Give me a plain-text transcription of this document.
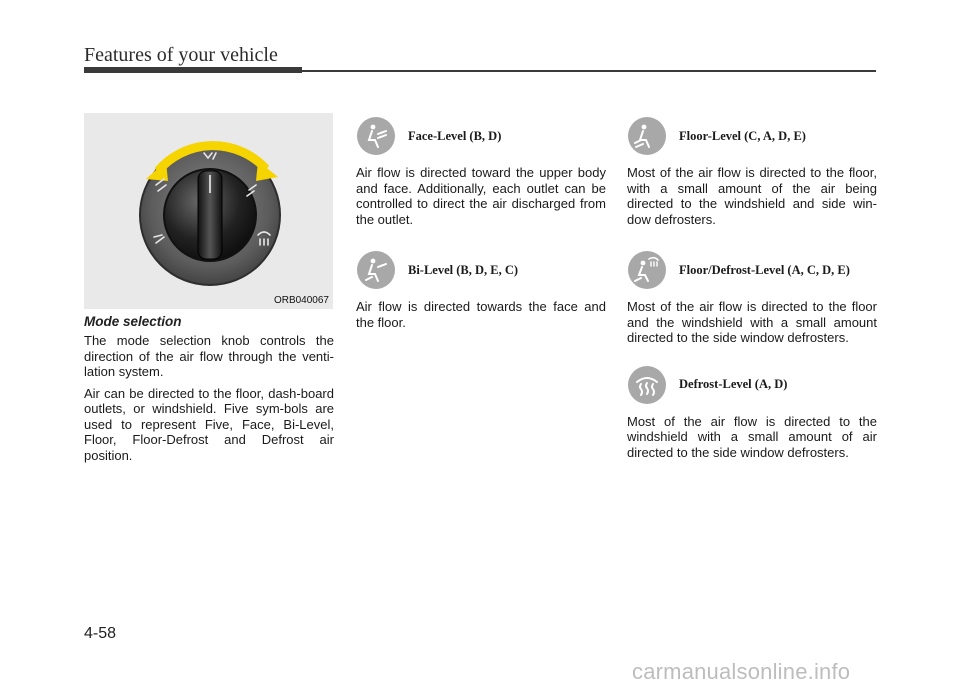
Features of your vehicle
ORB040067
Mode selection

The mode selection knob controls the direction of the air flow through the venti-lation system.

Air can be directed to the floor, dash-board outlets, or windshield. Five sym-bols are used to represent Five, Face, Bi-Level, Floor, Floor-Defrost and Defrost air position.

Face-Level (B, D)

Air flow is directed toward the upper body and face. Additionally, each outlet can be controlled to direct the air discharged from the outlet.

Bi-Level (B, D, E, C)

Air flow is directed towards the face and the floor.

Floor-Level (C, A, D, E)

Most of the air flow is directed to the floor, with a small amount of the air being directed to the windshield and side win-dow defrosters.

Floor/Defrost-Level (A, C, D, E)

Most of the air flow is directed to the floor and the windshield with a small amount directed to the side window defrosters.

Defrost-Level (A, D)

Most of the air flow is directed to the windshield with a small amount of air directed to the side window defrosters.

4-58
carmanualsonline.info
